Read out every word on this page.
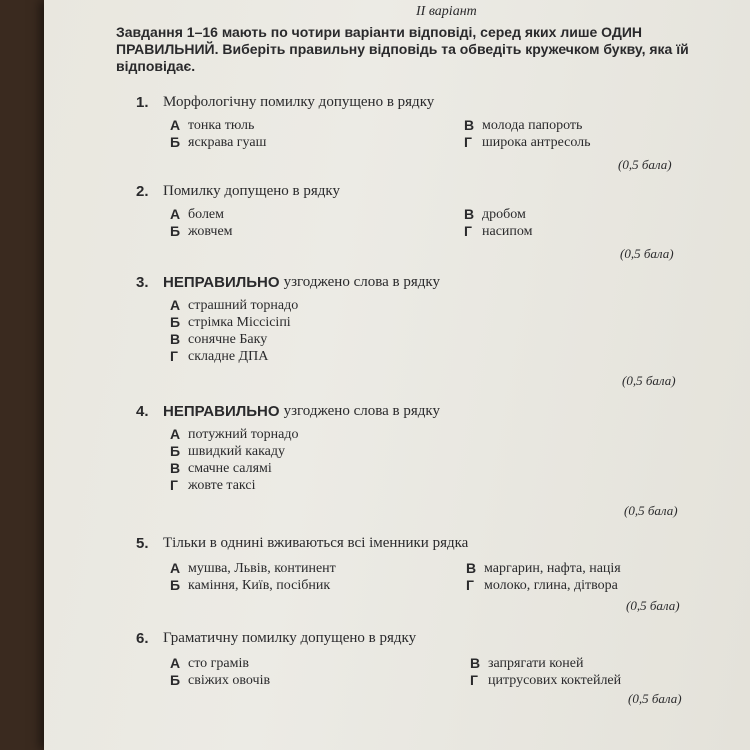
II варіант
Завдання 1–16 мають по чотири варіанти відповіді, серед яких лише ОДИН ПРАВИЛЬНИЙ. Виберіть правильну відповідь та обведіть кружечком букву, яка їй відповідає.
1. Морфологічну помилку допущено в рядку
А тонка тюль
Б яскрава гуаш
В молода папороть
Г широка антресоль
(0,5 бала)
2. Помилку допущено в рядку
А болем
Б жовчем
В дробом
Г насипом
(0,5 бала)
3. НЕПРАВИЛЬНО узгоджено слова в рядку
А страшний торнадо
Б стрімка Міссісіпі
В сонячне Баку
Г складне ДПА
(0,5 бала)
4. НЕПРАВИЛЬНО узгоджено слова в рядку
А потужний торнадо
Б швидкий какаду
В смачне салямі
Г жовте таксі
(0,5 бала)
5. Тільки в однині вживаються всі іменники рядка
А мушва, Львів, континент
Б каміння, Київ, посібник
В маргарин, нафта, нація
Г молоко, глина, дітвора
(0,5 бала)
6. Граматичну помилку допущено в рядку
А сто грамів
Б свіжих овочів
В запрягати коней
Г цитрусових коктейлей
(0,5 бала)
